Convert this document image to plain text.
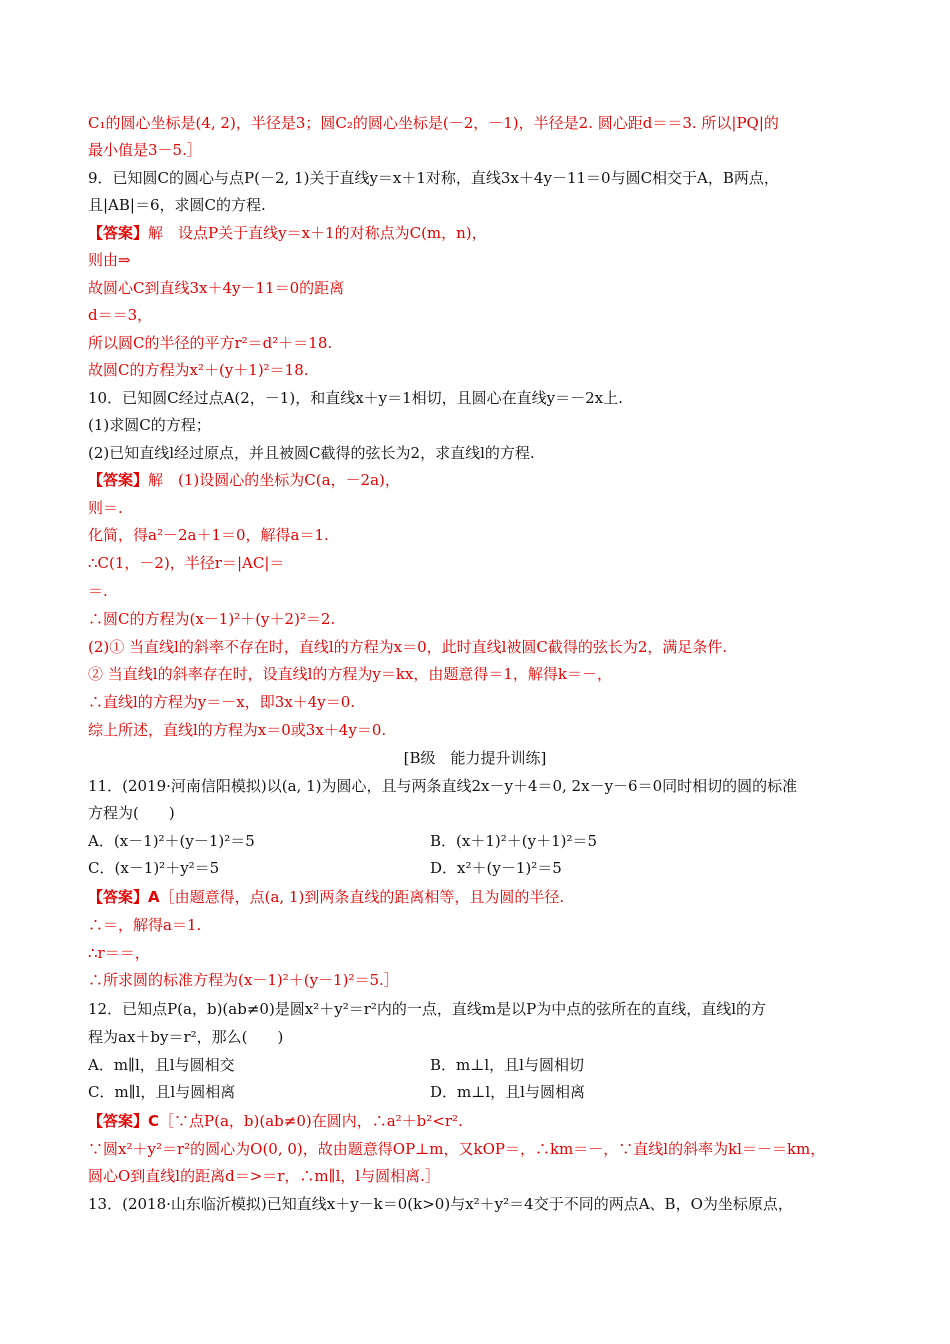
C₁的圆心坐标是(4, 2)，半径是3；圆C₂的圆心坐标是(－2，－1)，半径是2. 圆心距d＝＝3. 所以|PQ|的
最小值是3－5.］
9．已知圆C的圆心与点P(－2, 1)关于直线y＝x＋1对称，直线3x＋4y－11＝0与圆C相交于A，B两点，
且|AB|＝6，求圆C的方程.
【答案】解　设点P关于直线y＝x＋1的对称点为C(m，n)，
则由⇒
故圆心C到直线3x＋4y－11＝0的距离
d＝＝3，
所以圆C的半径的平方r²＝d²＋＝18.
故圆C的方程为x²＋(y＋1)²＝18.
10．已知圆C经过点A(2，－1)，和直线x＋y＝1相切，且圆心在直线y＝－2x上.
(1)求圆C的方程；
(2)已知直线l经过原点，并且被圆C截得的弦长为2，求直线l的方程.
【答案】解　(1)设圆心的坐标为C(a，－2a)，
则＝.
化简，得a²－2a＋1＝0，解得a＝1.
∴C(1，－2)，半径r＝|AC|＝
＝.
∴圆C的方程为(x－1)²＋(y＋2)²＝2.
(2)① 当直线l的斜率不存在时，直线l的方程为x＝0，此时直线l被圆C截得的弦长为2，满足条件.
② 当直线l的斜率存在时，设直线l的方程为y＝kx，由题意得＝1，解得k＝－，
∴直线l的方程为y＝－x，即3x＋4y＝0.
综上所述，直线l的方程为x＝0或3x＋4y＝0.
[B级　能力提升训练]
11．(2019·河南信阳模拟)以(a, 1)为圆心，且与两条直线2x－y＋4＝0, 2x－y－6＝0同时相切的圆的标准
方程为(　　)
A．(x－1)²＋(y－1)²＝5	B．(x＋1)²＋(y＋1)²＝5
C．(x－1)²＋y²＝5	D．x²＋(y－1)²＝5
【答案】A［由题意得，点(a, 1)到两条直线的距离相等，且为圆的半径.
∴＝，解得a＝1.
∴r＝＝，
∴所求圆的标准方程为(x－1)²＋(y－1)²＝5.］
12．已知点P(a，b)(ab≠0)是圆x²＋y²＝r²内的一点，直线m是以P为中点的弦所在的直线，直线l的方
程为ax＋by＝r²，那么(　　)
A．m∥l，且l与圆相交	B．m⊥l，且l与圆相切
C．m∥l，且l与圆相离	D．m⊥l，且l与圆相离
【答案】C［∵点P(a，b)(ab≠0)在圆内，∴a²＋b²<r².
∵圆x²＋y²＝r²的圆心为O(0, 0)，故由题意得OP⊥m，又kOP＝，∴km＝－，∵直线l的斜率为kl＝－＝km，
圆心O到直线l的距离d＝>＝r，∴m∥l，l与圆相离.］
13．(2018·山东临沂模拟)已知直线x＋y－k＝0(k>0)与x²＋y²＝4交于不同的两点A、B，O为坐标原点，
